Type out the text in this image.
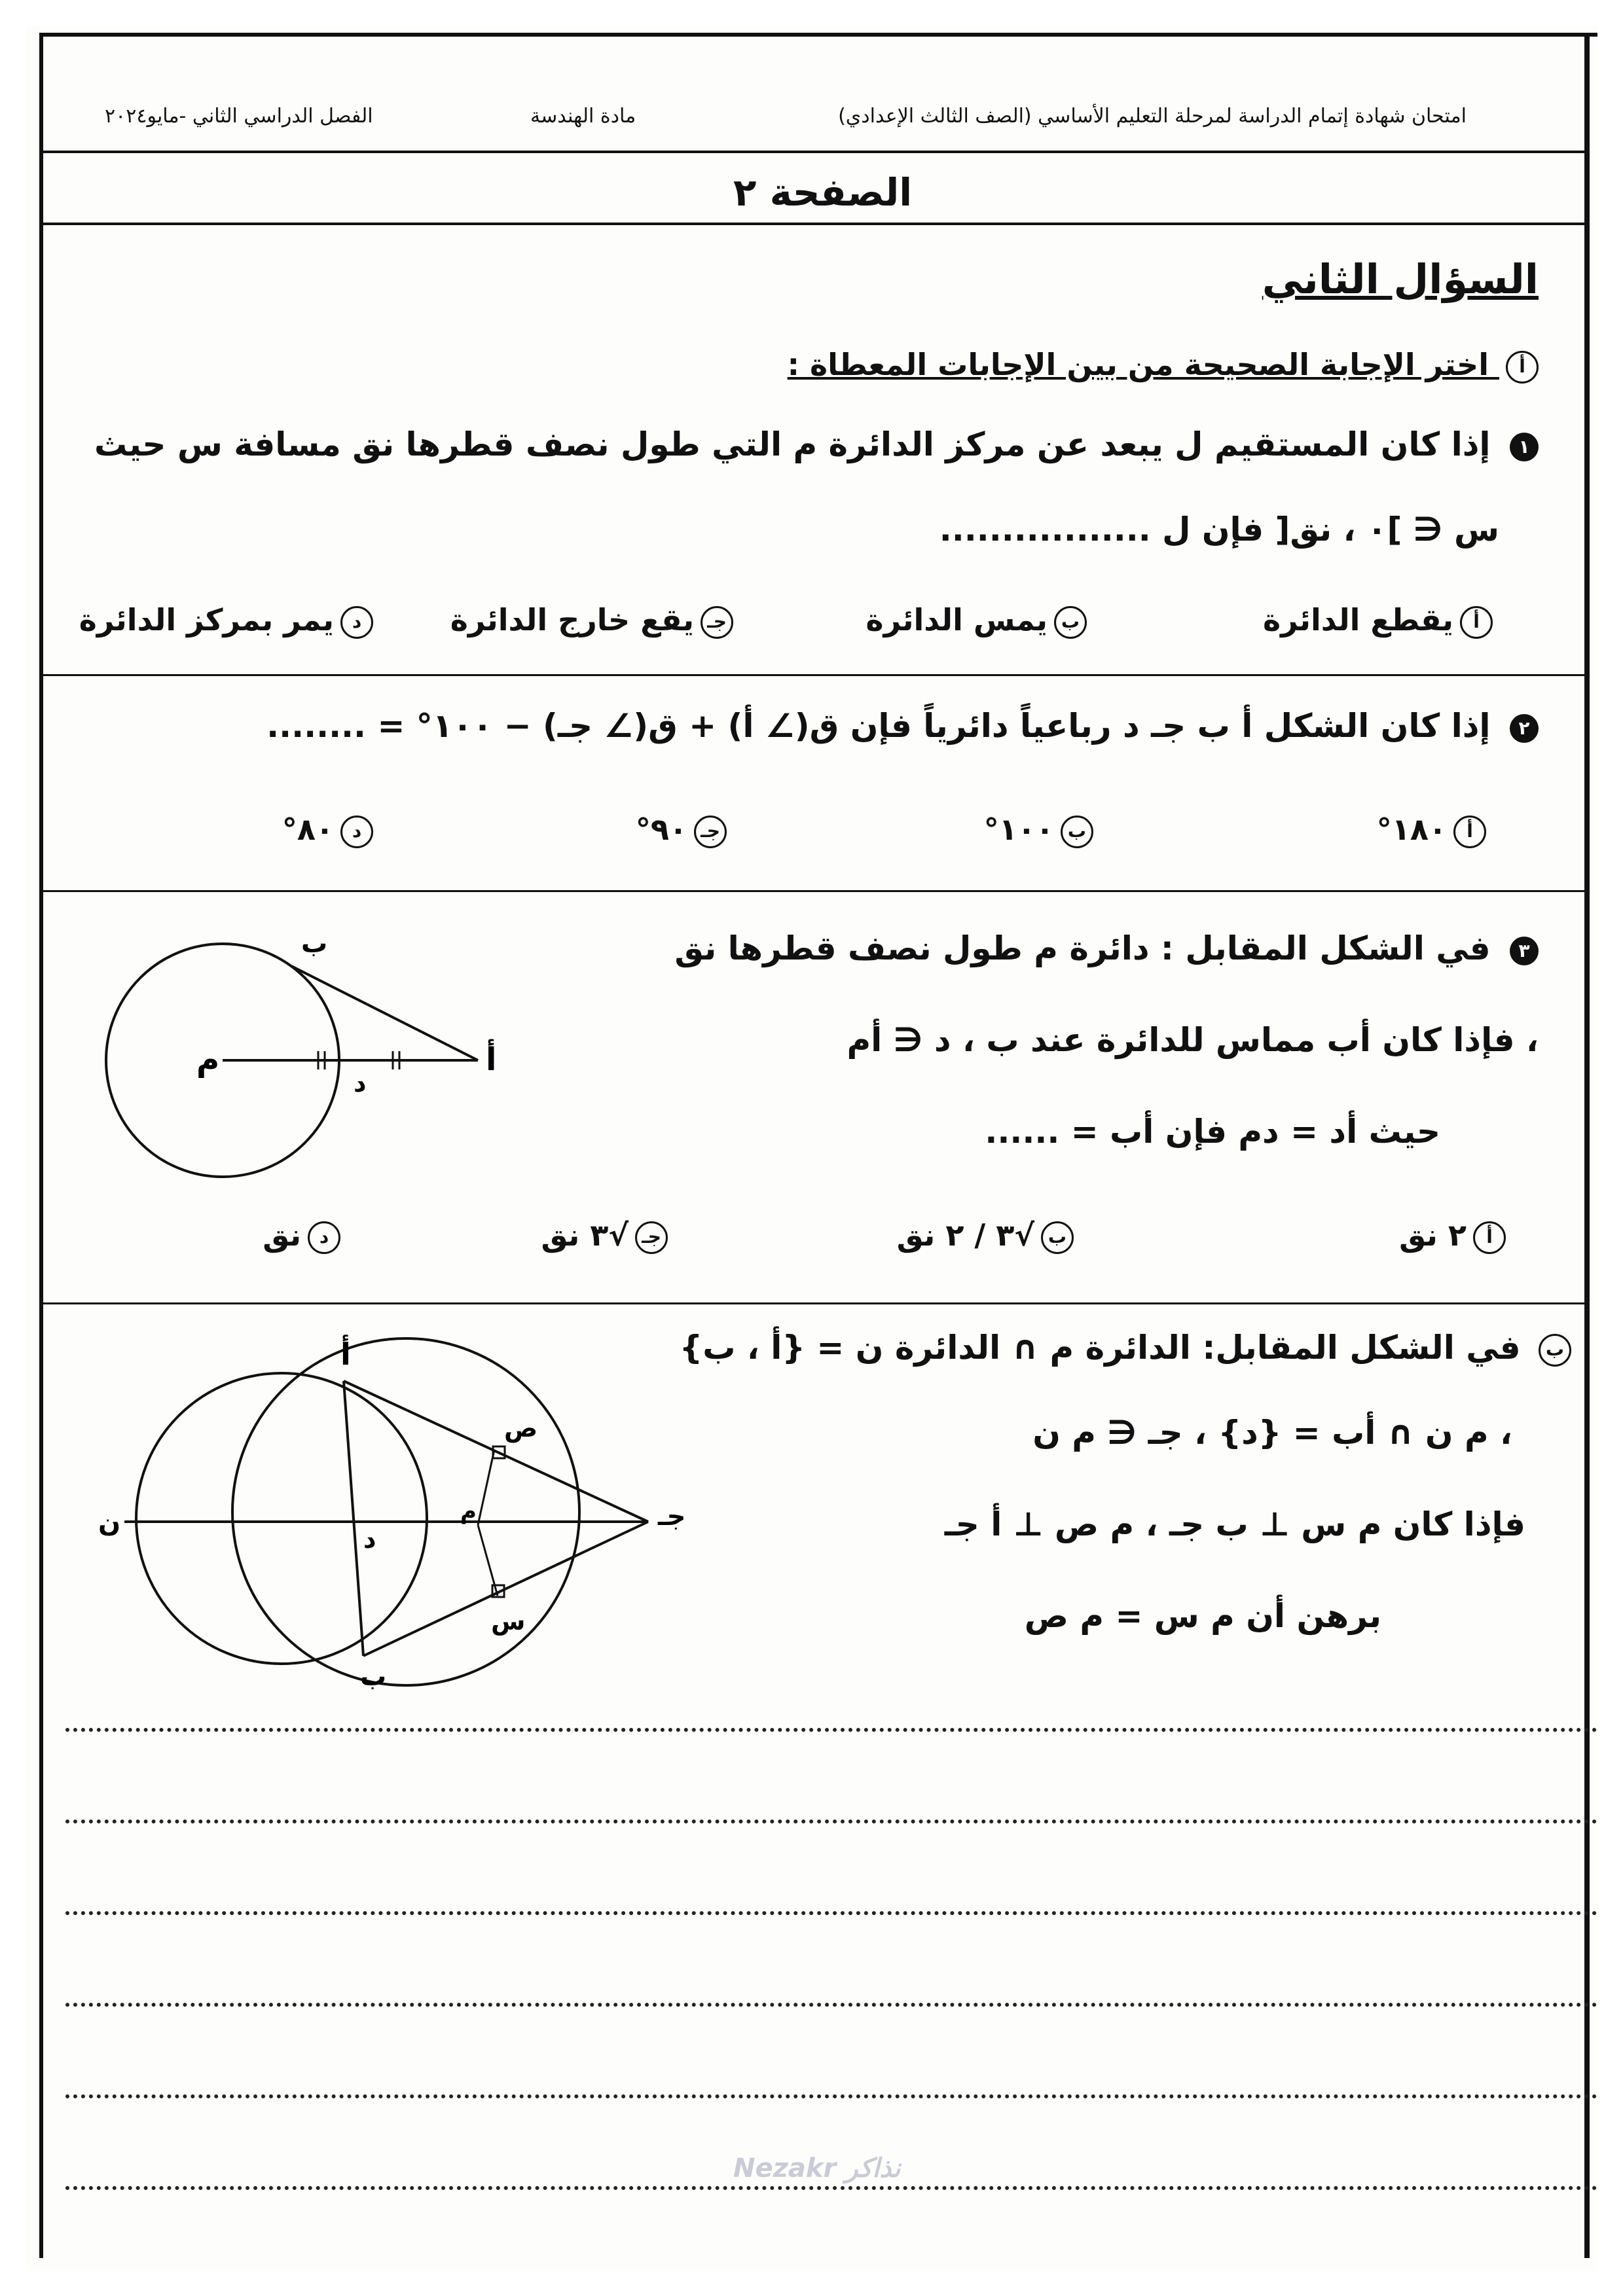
امتحان شهادة إتمام الدراسة لمرحلة التعليم الأساسي (الصف الثالث الإعدادي)
مادة الهندسة
الفصل الدراسي الثاني -مايو٢٠٢٤
الصفحة ٢
السؤال الثاني
أ اختر الإجابة الصحيحة من بين الإجابات المعطاة :
١ إذا كان المستقيم ل يبعد عن مركز الدائرة م التي طول نصف قطرها نق مسافة س حيث
س ∈ ]٠ ، نق[ فإن ل .................
أيقطع الدائرة
بيمس الدائرة
جـيقع خارج الدائرة
ديمر بمركز الدائرة
٢ إذا كان الشكل أ ب جـ د رباعياً دائرياً فإن ق(∠ أ) + ق(∠ جـ) − ١٠٠° = ........
أ١٨٠°
ب١٠٠°
جـ٩٠°
د٨٠°
٣ في الشكل المقابل : دائرة م طول نصف قطرها نق
، فإذا كان أب مماس للدائرة عند ب ، د ∈ أم
حيث أد = دم فإن أب = ......
ب
أ
د
م
أ٢ نق
ب√٣ / ٢ نق
جـ√٣ نق
دنق
ب في الشكل المقابل: الدائرة م ∩ الدائرة ن = {أ ، ب}
، م ن ∩ أب = {د} ، جـ ∈ م ن
فإذا كان م س ⊥ ب جـ ، م ص ⊥ أ جـ
برهن أن م س = م ص
أ
ب
جـ
ن
د
م
ص
س
Nezakr نذاكر
